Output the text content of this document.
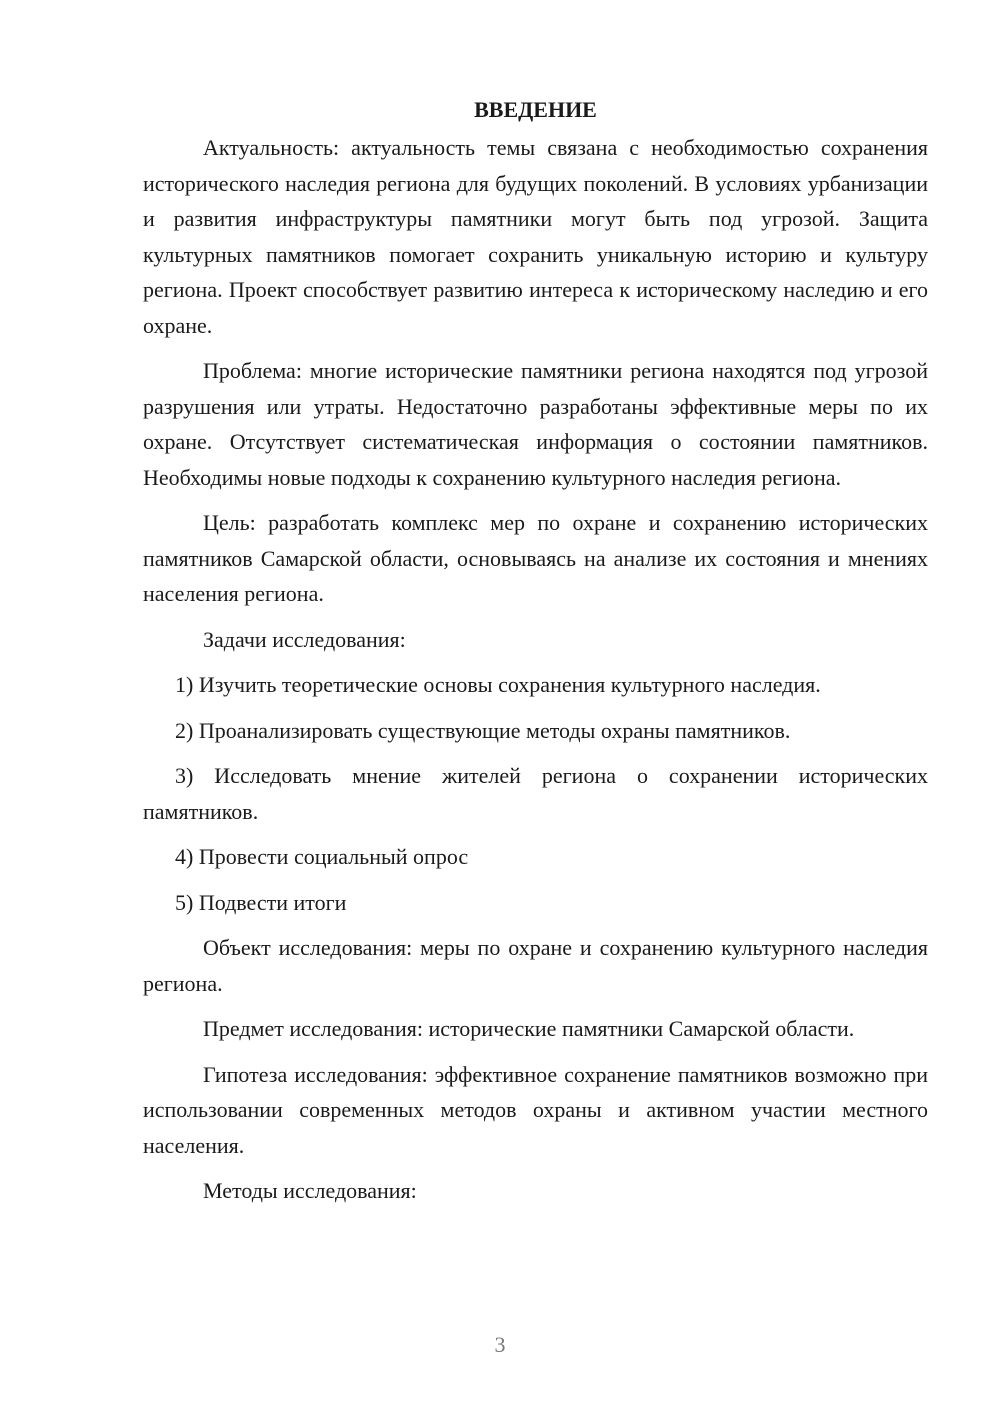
ВВЕДЕНИЕ

Актуальность: актуальность темы связана с необходимостью сохранения исторического наследия региона для будущих поколений. В условиях урбанизации и развития инфраструктуры памятники могут быть под угрозой. Защита культурных памятников помогает сохранить уникальную историю и культуру региона. Проект способствует развитию интереса к историческому наследию и его охране.

Проблема: многие исторические памятники региона находятся под угрозой разрушения или утраты. Недостаточно разработаны эффективные меры по их охране. Отсутствует систематическая информация о состоянии памятников. Необходимы новые подходы к сохранению культурного наследия региона.

Цель: разработать комплекс мер по охране и сохранению исторических памятников Самарской области, основываясь на анализе их состояния и мнениях населения региона.

Задачи исследования:

1) Изучить теоретические основы сохранения культурного наследия.

2) Проанализировать существующие методы охраны памятников.

3) Исследовать мнение жителей региона о сохранении исторических памятников.

4) Провести социальный опрос

5) Подвести итоги

Объект исследования: меры по охране и сохранению культурного наследия региона.

Предмет исследования: исторические памятники Самарской области.

Гипотеза исследования: эффективное сохранение памятников возможно при использовании современных методов охраны и активном участии местного населения.

Методы исследования:

3
